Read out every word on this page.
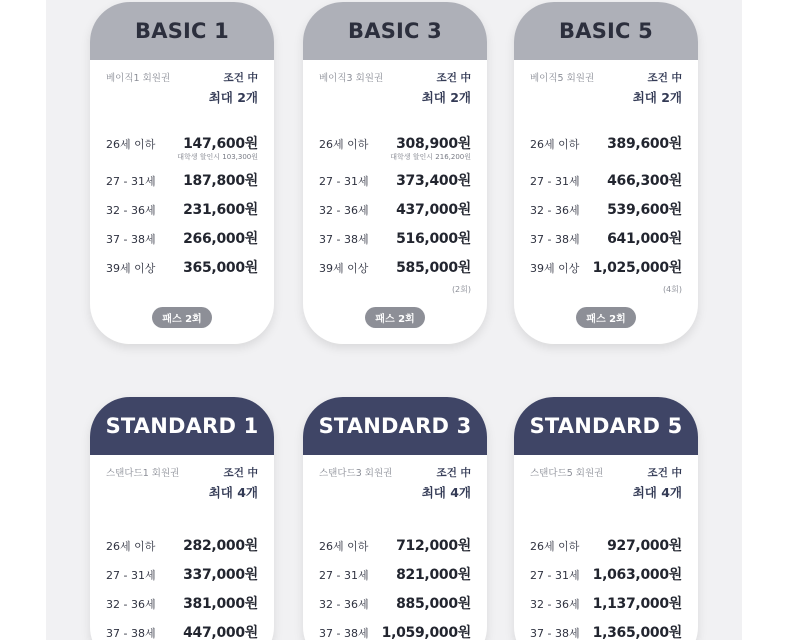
BASIC 1
베이직1 회원권	조건 中
최대 2개
26세 이하 147,600원
대학생 할인시 103,300원
27 - 31세 187,800원
32 - 36세 231,600원
37 - 38세 266,000원
39세 이상 365,000원
패스 2회
BASIC 3
베이직3 회원권	조건 中
최대 2개
26세 이하 308,900원
대학생 할인시 216,200원
27 - 31세 373,400원
32 - 36세 437,000원
37 - 38세 516,000원
39세 이상 585,000원
(2회)
패스 2회
BASIC 5
베이직5 회원권	조건 中
최대 2개
26세 이하 389,600원
27 - 31세 466,300원
32 - 36세 539,600원
37 - 38세 641,000원
39세 이상 1,025,000원
(4회)
패스 2회
STANDARD 1
스탠다드1 회원권	조건 中
최대 4개
26세 이하 282,000원
27 - 31세 337,000원
32 - 36세 381,000원
37 - 38세 447,000원
STANDARD 3
스탠다드3 회원권	조건 中
최대 4개
26세 이하 712,000원
27 - 31세 821,000원
32 - 36세 885,000원
37 - 38세 1,059,000원
STANDARD 5
스탠다드5 회원권	조건 中
최대 4개
26세 이하 927,000원
27 - 31세 1,063,000원
32 - 36세 1,137,000원
37 - 38세 1,365,000원
